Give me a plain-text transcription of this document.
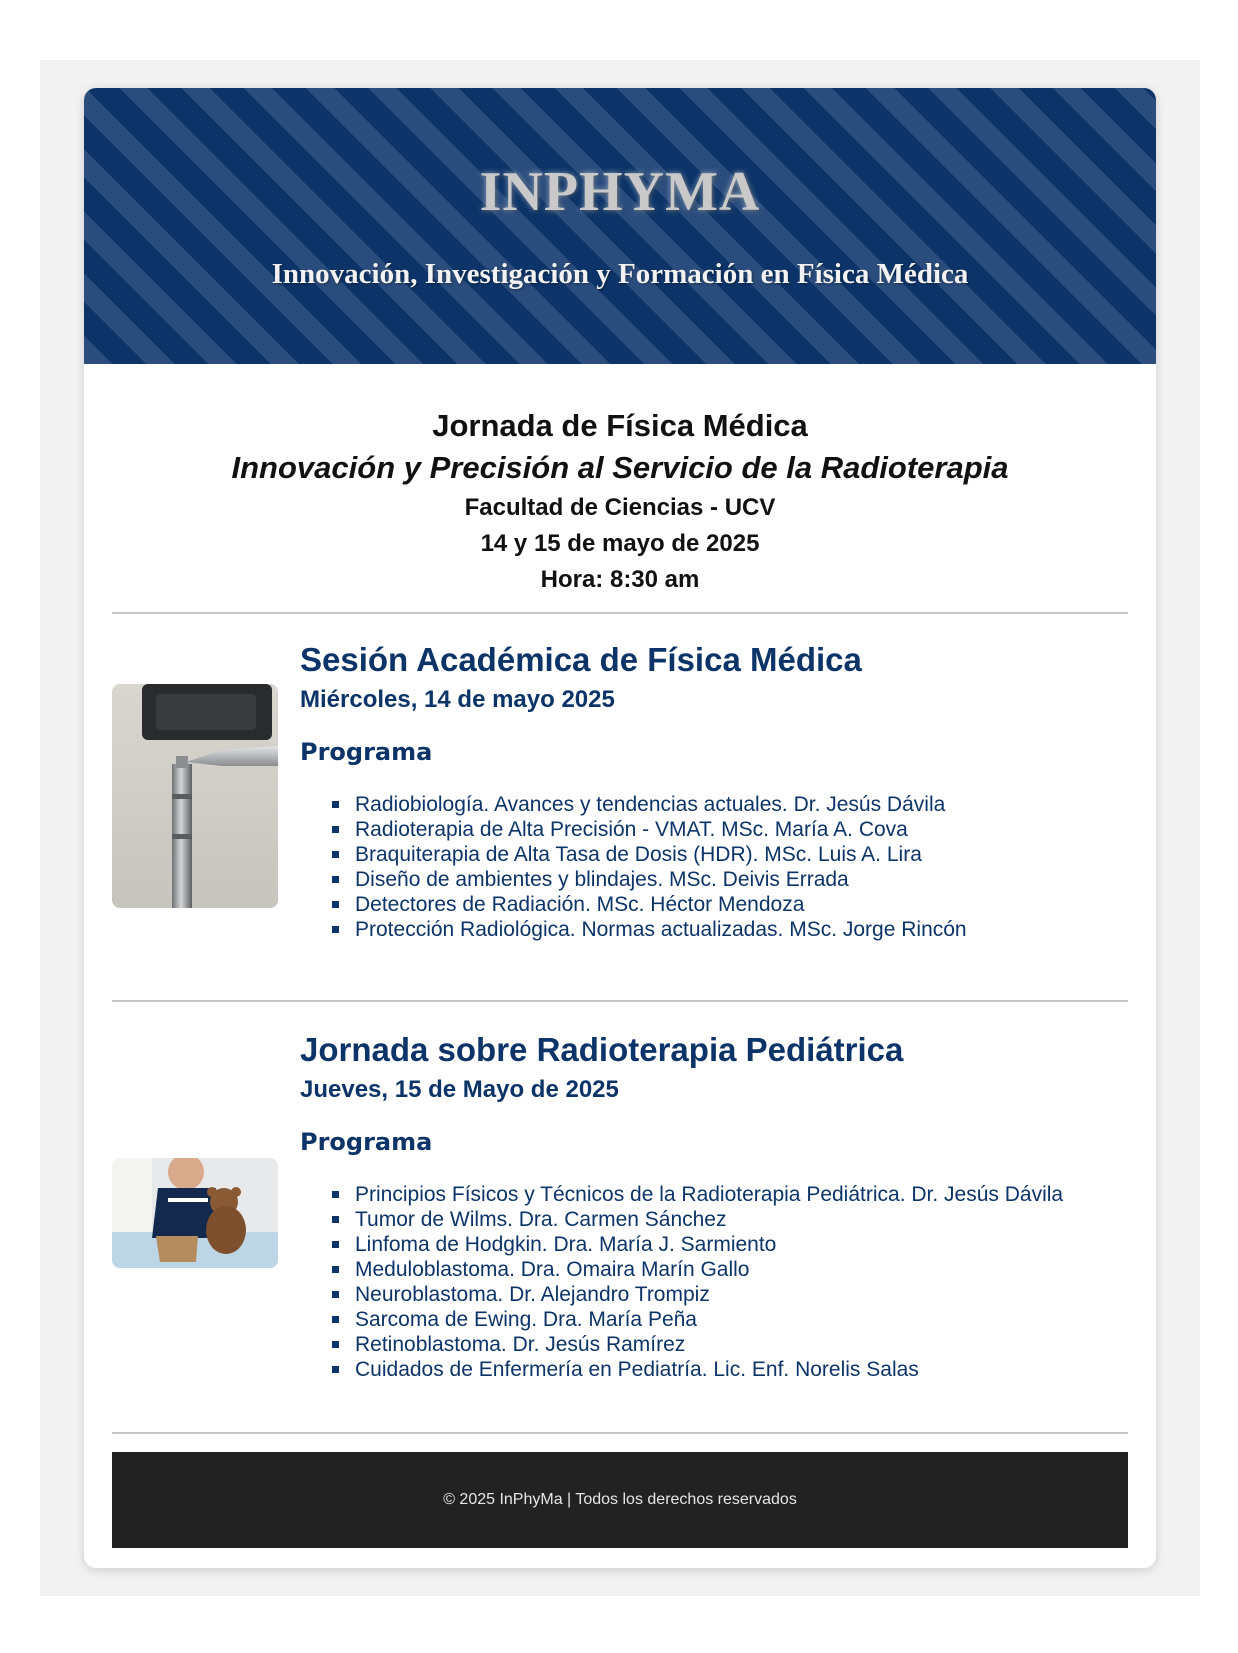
INPHYMA
Innovación, Investigación y Formación en Física Médica
Jornada de Física Médica
Innovación y Precisión al Servicio de la Radioterapia
Facultad de Ciencias - UCV
14 y 15 de mayo de 2025
Hora: 8:30 am
Sesión Académica de Física Médica
Miércoles, 14 de mayo 2025
Programa
Radiobiología. Avances y tendencias actuales. Dr. Jesús Dávila
Radioterapia de Alta Precisión - VMAT. MSc. María A. Cova
Braquiterapia de Alta Tasa de Dosis (HDR). MSc. Luis A. Lira
Diseño de ambientes y blindajes. MSc. Deivis Errada
Detectores de Radiación. MSc. Héctor Mendoza
Protección Radiológica. Normas actualizadas. MSc. Jorge Rincón
Jornada sobre Radioterapia Pediátrica
Jueves, 15 de Mayo de 2025
Programa
Principios Físicos y Técnicos de la Radioterapia Pediátrica. Dr. Jesús Dávila
Tumor de Wilms. Dra. Carmen Sánchez
Linfoma de Hodgkin. Dra. María J. Sarmiento
Meduloblastoma. Dra. Omaira Marín Gallo
Neuroblastoma. Dr. Alejandro Trompiz
Sarcoma de Ewing. Dra. María Peña
Retinoblastoma. Dr. Jesús Ramírez
Cuidados de Enfermería en Pediatría. Lic. Enf. Norelis Salas
© 2025 InPhyMa | Todos los derechos reservados
